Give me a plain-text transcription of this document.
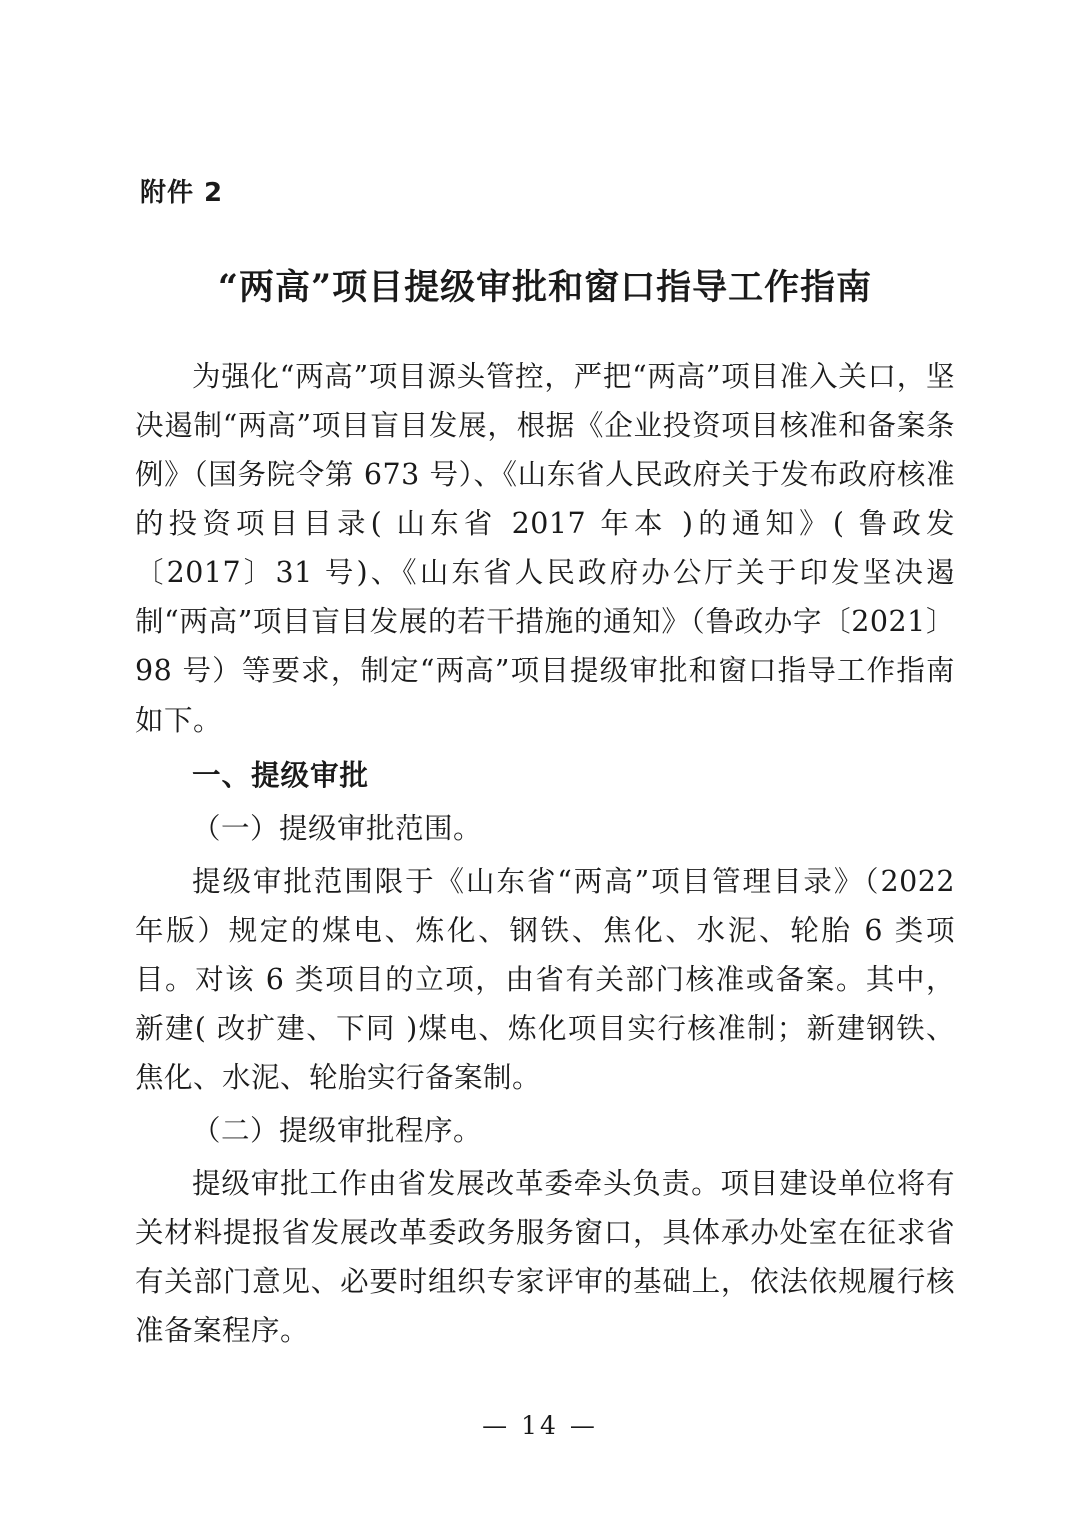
附件 2
“两高”项目提级审批和窗口指导工作指南

为强化“两高”项目源头管控，严把“两高”项目准入关口，坚决遏制“两高”项目盲目发展，根据《企业投资项目核准和备案条例》（国务院令第 673 号）、《山东省人民政府关于发布政府核准的投资项目目录( 山东省 2017 年本 )的通知》( 鲁政发〔2017〕31 号)、《山东省人民政府办公厅关于印发坚决遏制“两高”项目盲目发展的若干措施的通知》（鲁政办字〔2021〕98 号）等要求，制定“两高”项目提级审批和窗口指导工作指南如下。

一、提级审批

（一）提级审批范围。

提级审批范围限于《山东省“两高”项目管理目录》（2022 年版）规定的煤电、炼化、钢铁、焦化、水泥、轮胎 6 类项目。对该 6 类项目的立项，由省有关部门核准或备案。其中，新建( 改扩建、下同 )煤电、炼化项目实行核准制；新建钢铁、焦化、水泥、轮胎实行备案制。

（二）提级审批程序。

提级审批工作由省发展改革委牵头负责。项目建设单位将有关材料提报省发展改革委政务服务窗口，具体承办处室在征求省有关部门意见、必要时组织专家评审的基础上，依法依规履行核准备案程序。

— 14 —
